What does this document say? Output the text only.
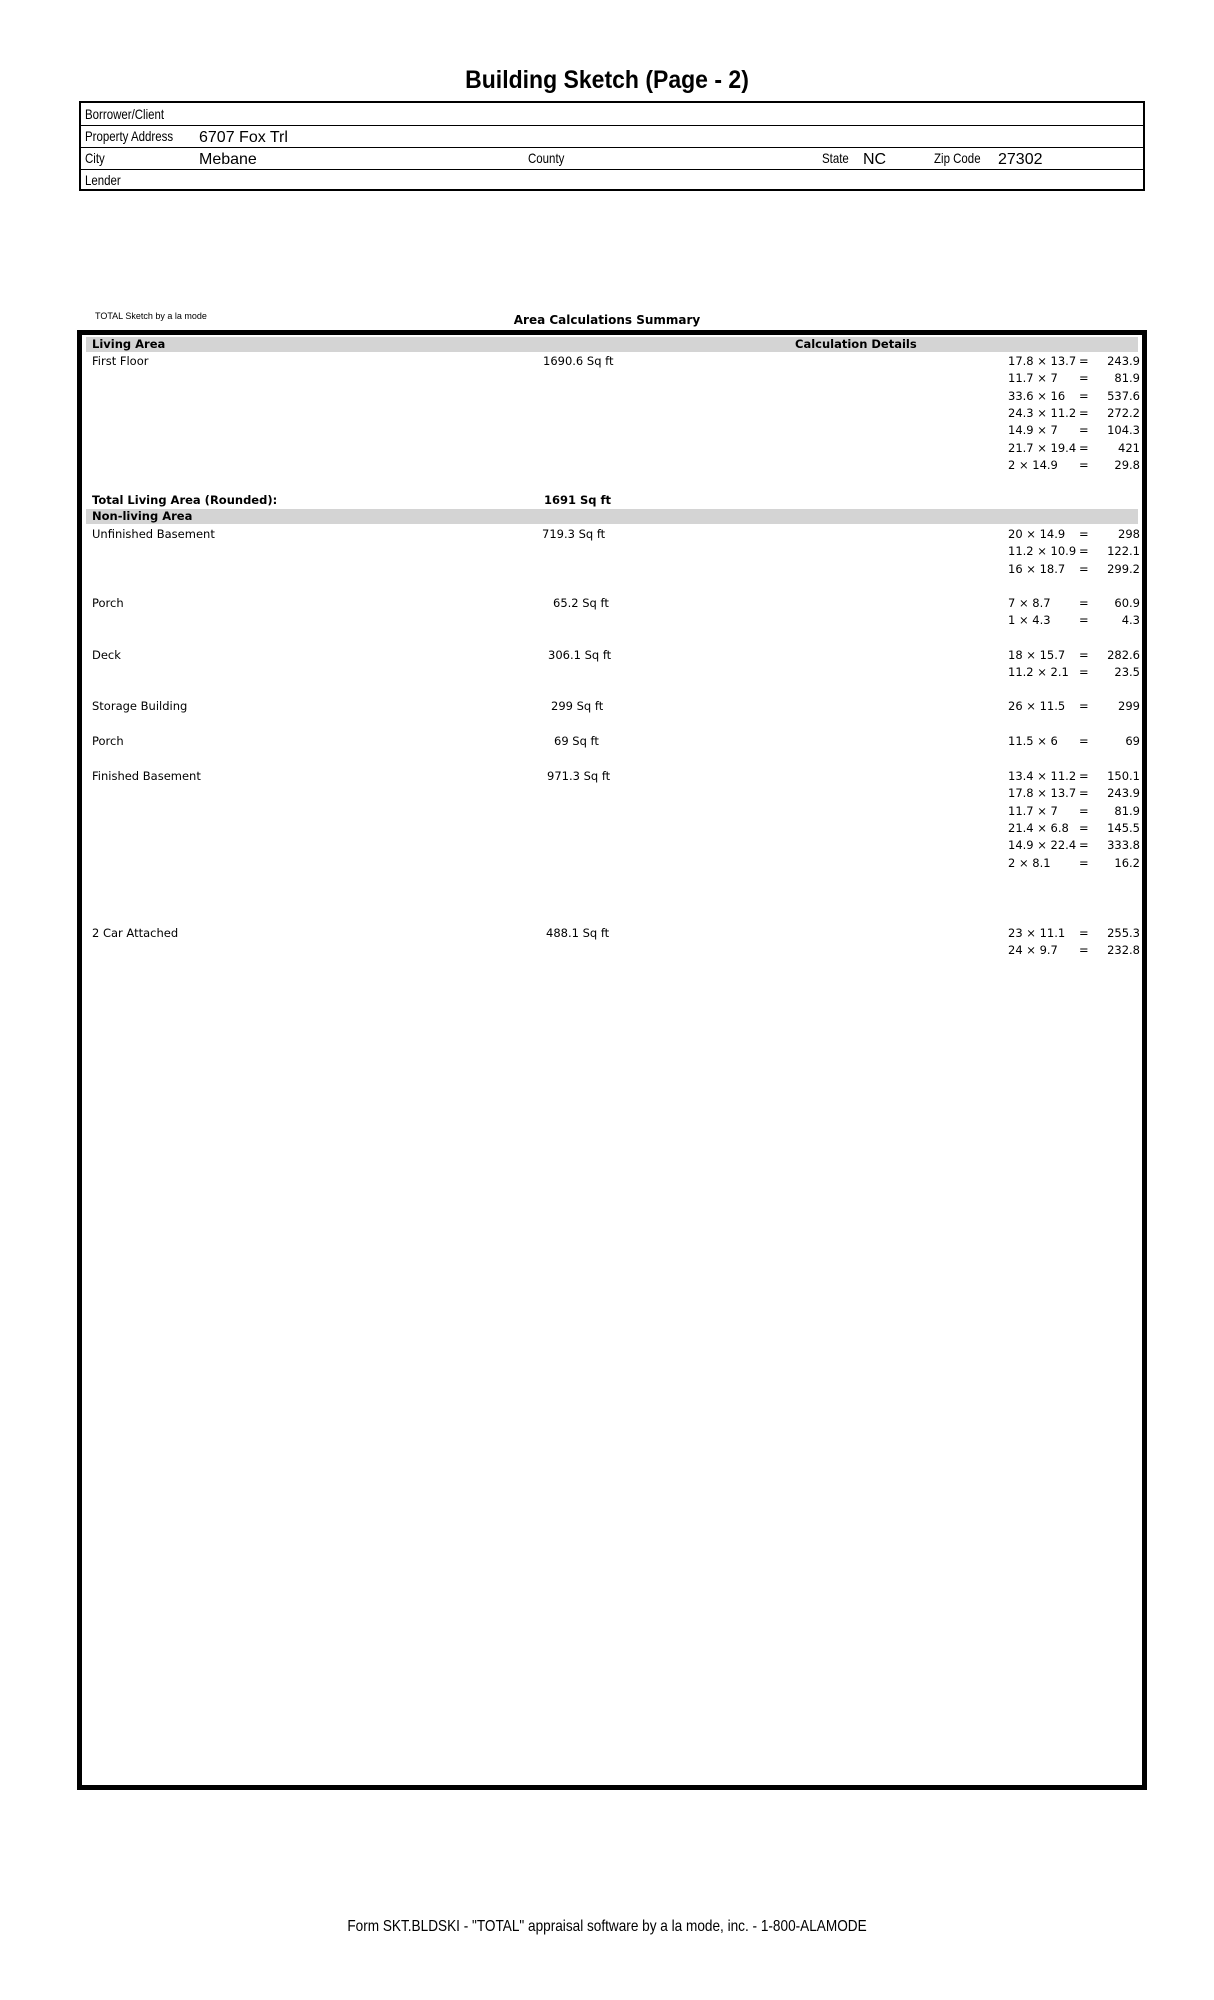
Building Sketch (Page - 2)
Borrower/Client
Property Address 6707 Fox Trl
City	Mebane	County	State NC	Zip Code 27302
Lender
TOTAL Sketch by a la mode	Area Calculations Summary
Living Area	Calculation Details
First Floor	1690.6 Sq ft	17.8 × 13.7 =	243.9
11.7 × 7 =	81.9
33.6 × 16 =	537.6
24.3 × 11.2 =	272.2
14.9 × 7 =	104.3
21.7 × 19.4 =	421
2 × 14.9 =	29.8
Total Living Area (Rounded):	1691 Sq ft
Non-living Area
Unfinished Basement	719.3 Sq ft	20 × 14.9 =	298
11.2 × 10.9 =	122.1
16 × 18.7 =	299.2
Porch	65.2 Sq ft	7 × 8.7 =	60.9
1 × 4.3 =	4.3
Deck	306.1 Sq ft	18 × 15.7 =	282.6
11.2 × 2.1 =	23.5
Storage Building	299 Sq ft	26 × 11.5 =	299
Porch	69 Sq ft	11.5 × 6 =	69
Finished Basement	971.3 Sq ft	13.4 × 11.2 =	150.1
17.8 × 13.7 =	243.9
11.7 × 7 =	81.9
21.4 × 6.8 =	145.5
14.9 × 22.4 =	333.8
2 × 8.1 =	16.2
2 Car Attached	488.1 Sq ft	23 × 11.1 =	255.3
24 × 9.7 =	232.8
Form SKT.BLDSKI - "TOTAL" appraisal software by a la mode, inc. - 1-800-ALAMODE
